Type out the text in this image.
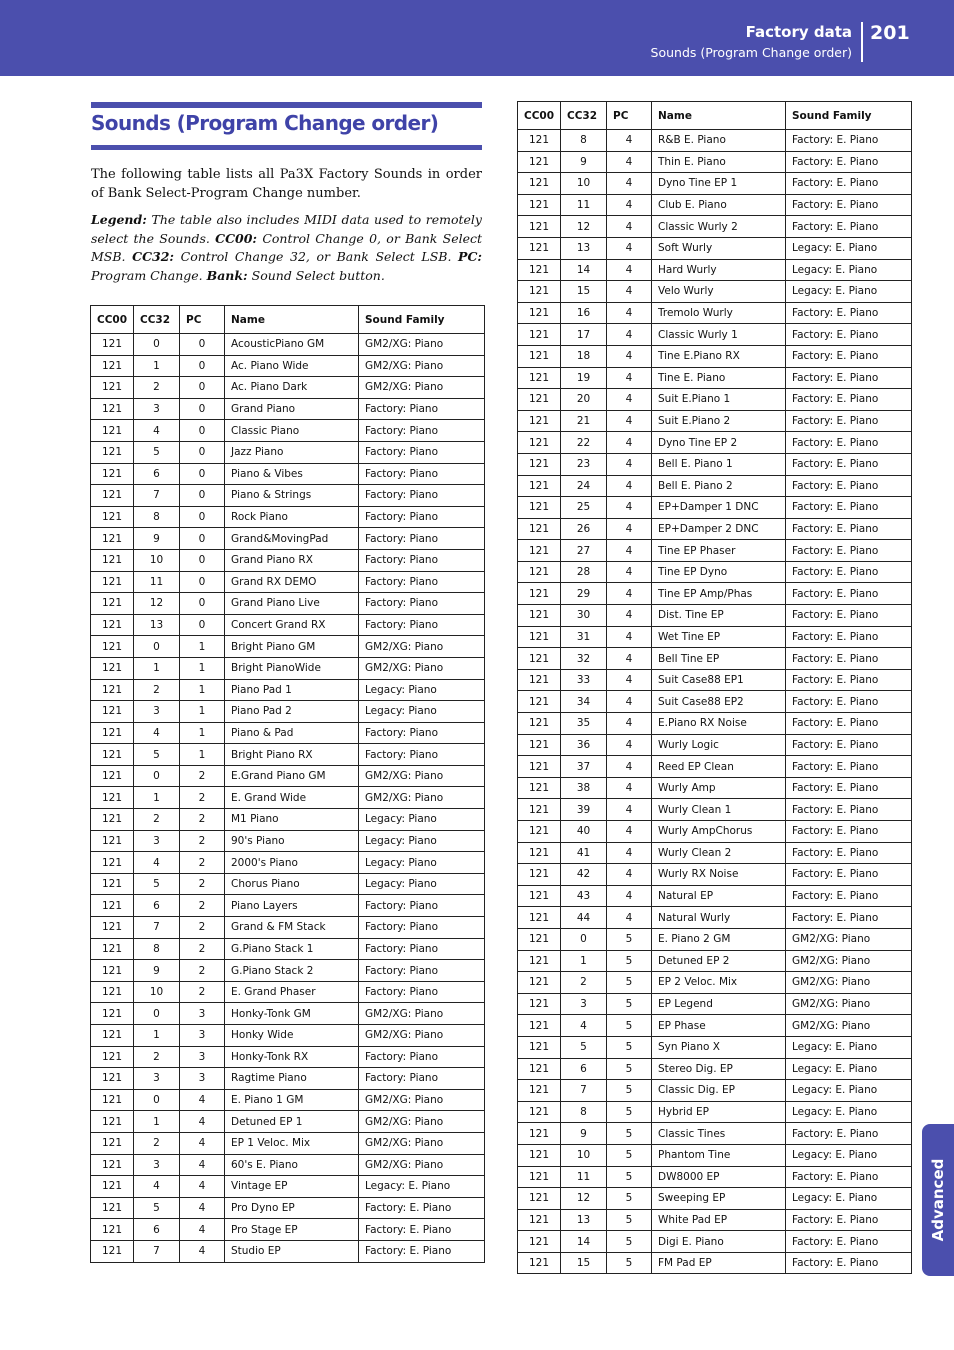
Factory data
Sounds (Program Change order)
201
Advanced
Sounds (Program Change order)

The following table lists all Pa3X Factory Sounds in order of Bank Select-Program Change number.

Legend: The table also includes MIDI data used to remotely select the Sounds. CC00: Control Change 0, or Bank Select MSB. CC32: Control Change 32, or Bank Select LSB. PC: Program Change. Bank: Sound Select button.

CC00	CC32	PC	Name	Sound Family
121	0	0	AcousticPiano GM	GM2/XG: Piano
121	1	0	Ac. Piano Wide	GM2/XG: Piano
121	2	0	Ac. Piano Dark	GM2/XG: Piano
121	3	0	Grand Piano	Factory: Piano
121	4	0	Classic Piano	Factory: Piano
121	5	0	Jazz Piano	Factory: Piano
121	6	0	Piano & Vibes	Factory: Piano
121	7	0	Piano & Strings	Factory: Piano
121	8	0	Rock Piano	Factory: Piano
121	9	0	Grand&MovingPad	Factory: Piano
121	10	0	Grand Piano RX	Factory: Piano
121	11	0	Grand RX DEMO	Factory: Piano
121	12	0	Grand Piano Live	Factory: Piano
121	13	0	Concert Grand RX	Factory: Piano
121	0	1	Bright Piano GM	GM2/XG: Piano
121	1	1	Bright PianoWide	GM2/XG: Piano
121	2	1	Piano Pad 1	Legacy: Piano
121	3	1	Piano Pad 2	Legacy: Piano
121	4	1	Piano & Pad	Factory: Piano
121	5	1	Bright Piano RX	Factory: Piano
121	0	2	E.Grand Piano GM	GM2/XG: Piano
121	1	2	E. Grand Wide	GM2/XG: Piano
121	2	2	M1 Piano	Legacy: Piano
121	3	2	90's Piano	Legacy: Piano
121	4	2	2000's Piano	Legacy: Piano
121	5	2	Chorus Piano	Legacy: Piano
121	6	2	Piano Layers	Factory: Piano
121	7	2	Grand & FM Stack	Factory: Piano
121	8	2	G.Piano Stack 1	Factory: Piano
121	9	2	G.Piano Stack 2	Factory: Piano
121	10	2	E. Grand Phaser	Factory: Piano
121	0	3	Honky-Tonk GM	GM2/XG: Piano
121	1	3	Honky Wide	GM2/XG: Piano
121	2	3	Honky-Tonk RX	Factory: Piano
121	3	3	Ragtime Piano	Factory: Piano
121	0	4	E. Piano 1 GM	GM2/XG: Piano
121	1	4	Detuned EP 1	GM2/XG: Piano
121	2	4	EP 1 Veloc. Mix	GM2/XG: Piano
121	3	4	60's E. Piano	GM2/XG: Piano
121	4	4	Vintage EP	Legacy: E. Piano
121	5	4	Pro Dyno EP	Factory: E. Piano
121	6	4	Pro Stage EP	Factory: E. Piano
121	7	4	Studio EP	Factory: E. Piano
CC00	CC32	PC	Name	Sound Family
121	8	4	R&B E. Piano	Factory: E. Piano
121	9	4	Thin E. Piano	Factory: E. Piano
121	10	4	Dyno Tine EP 1	Factory: E. Piano
121	11	4	Club E. Piano	Factory: E. Piano
121	12	4	Classic Wurly 2	Factory: E. Piano
121	13	4	Soft Wurly	Legacy: E. Piano
121	14	4	Hard Wurly	Legacy: E. Piano
121	15	4	Velo Wurly	Legacy: E. Piano
121	16	4	Tremolo Wurly	Factory: E. Piano
121	17	4	Classic Wurly 1	Factory: E. Piano
121	18	4	Tine E.Piano RX	Factory: E. Piano
121	19	4	Tine E. Piano	Factory: E. Piano
121	20	4	Suit E.Piano 1	Factory: E. Piano
121	21	4	Suit E.Piano 2	Factory: E. Piano
121	22	4	Dyno Tine EP 2	Factory: E. Piano
121	23	4	Bell E. Piano 1	Factory: E. Piano
121	24	4	Bell E. Piano 2	Factory: E. Piano
121	25	4	EP+Damper 1 DNC	Factory: E. Piano
121	26	4	EP+Damper 2 DNC	Factory: E. Piano
121	27	4	Tine EP Phaser	Factory: E. Piano
121	28	4	Tine EP Dyno	Factory: E. Piano
121	29	4	Tine EP Amp/Phas	Factory: E. Piano
121	30	4	Dist. Tine EP	Factory: E. Piano
121	31	4	Wet Tine EP	Factory: E. Piano
121	32	4	Bell Tine EP	Factory: E. Piano
121	33	4	Suit Case88 EP1	Factory: E. Piano
121	34	4	Suit Case88 EP2	Factory: E. Piano
121	35	4	E.Piano RX Noise	Factory: E. Piano
121	36	4	Wurly Logic	Factory: E. Piano
121	37	4	Reed EP Clean	Factory: E. Piano
121	38	4	Wurly Amp	Factory: E. Piano
121	39	4	Wurly Clean 1	Factory: E. Piano
121	40	4	Wurly AmpChorus	Factory: E. Piano
121	41	4	Wurly Clean 2	Factory: E. Piano
121	42	4	Wurly RX Noise	Factory: E. Piano
121	43	4	Natural EP	Factory: E. Piano
121	44	4	Natural Wurly	Factory: E. Piano
121	0	5	E. Piano 2 GM	GM2/XG: Piano
121	1	5	Detuned EP 2	GM2/XG: Piano
121	2	5	EP 2 Veloc. Mix	GM2/XG: Piano
121	3	5	EP Legend	GM2/XG: Piano
121	4	5	EP Phase	GM2/XG: Piano
121	5	5	Syn Piano X	Legacy: E. Piano
121	6	5	Stereo Dig. EP	Legacy: E. Piano
121	7	5	Classic Dig. EP	Legacy: E. Piano
121	8	5	Hybrid EP	Legacy: E. Piano
121	9	5	Classic Tines	Factory: E. Piano
121	10	5	Phantom Tine	Legacy: E. Piano
121	11	5	DW8000 EP	Factory: E. Piano
121	12	5	Sweeping EP	Legacy: E. Piano
121	13	5	White Pad EP	Factory: E. Piano
121	14	5	Digi E. Piano	Factory: E. Piano
121	15	5	FM Pad EP	Factory: E. Piano
